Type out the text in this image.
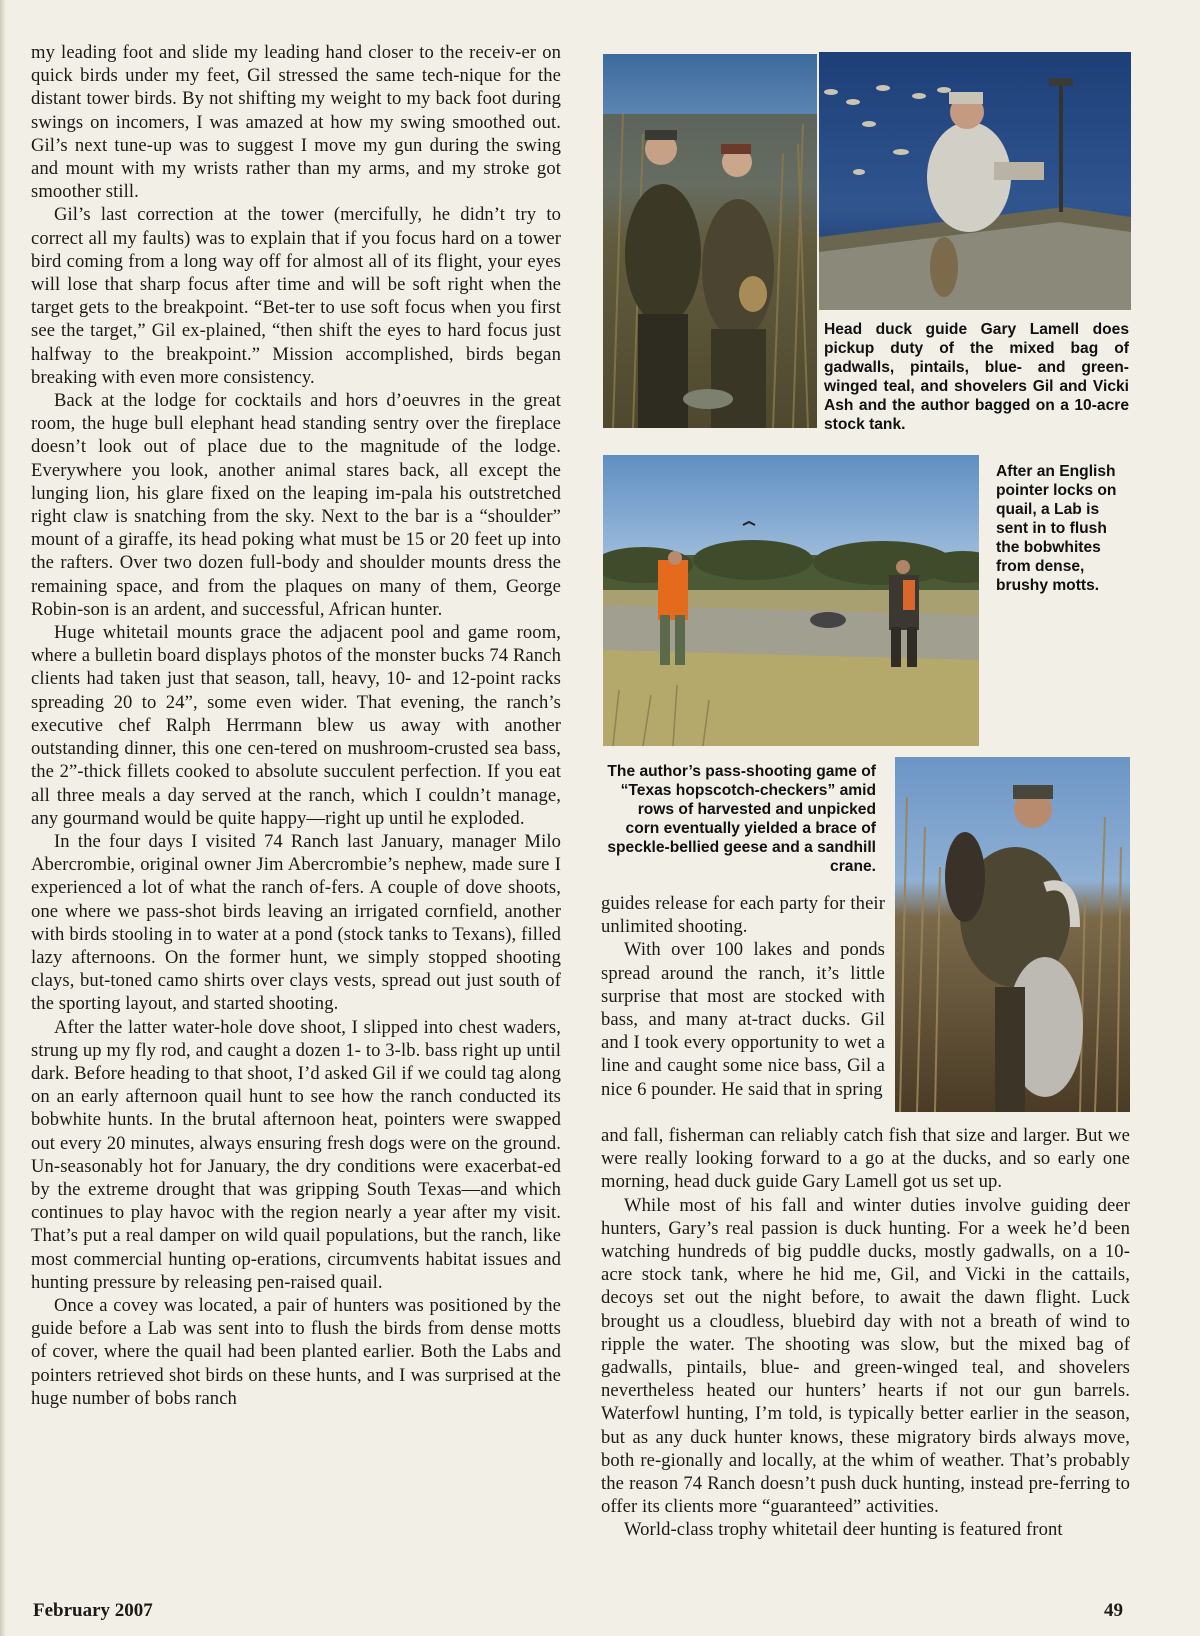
my leading foot and slide my leading hand closer to the receiv-er on quick birds under my feet, Gil stressed the same tech-nique for the distant tower birds. By not shifting my weight to my back foot during swings on incomers, I was amazed at how my swing smoothed out. Gil’s next tune-up was to suggest I move my gun during the swing and mount with my wrists rather than my arms, and my stroke got smoother still.

Gil’s last correction at the tower (mercifully, he didn’t try to correct all my faults) was to explain that if you focus hard on a tower bird coming from a long way off for almost all of its flight, your eyes will lose that sharp focus after time and will be soft right when the target gets to the breakpoint. “Bet-ter to use soft focus when you first see the target,” Gil ex-plained, “then shift the eyes to hard focus just halfway to the breakpoint.” Mission accomplished, birds began breaking with even more consistency.

Back at the lodge for cocktails and hors d’oeuvres in the great room, the huge bull elephant head standing sentry over the fireplace doesn’t look out of place due to the magnitude of the lodge. Everywhere you look, another animal stares back, all except the lunging lion, his glare fixed on the leaping im-pala his outstretched right claw is snatching from the sky. Next to the bar is a “shoulder” mount of a giraffe, its head poking what must be 15 or 20 feet up into the rafters. Over two dozen full-body and shoulder mounts dress the remaining space, and from the plaques on many of them, George Robin-son is an ardent, and successful, African hunter.

Huge whitetail mounts grace the adjacent pool and game room, where a bulletin board displays photos of the monster bucks 74 Ranch clients had taken just that season, tall, heavy, 10- and 12-point racks spreading 20 to 24”, some even wider. That evening, the ranch’s executive chef Ralph Herrmann blew us away with another outstanding dinner, this one cen-tered on mushroom-crusted sea bass, the 2”-thick fillets cooked to absolute succulent perfection. If you eat all three meals a day served at the ranch, which I couldn’t manage, any gourmand would be quite happy—right up until he exploded.

In the four days I visited 74 Ranch last January, manager Milo Abercrombie, original owner Jim Abercrombie’s nephew, made sure I experienced a lot of what the ranch of-fers. A couple of dove shoots, one where we pass-shot birds leaving an irrigated cornfield, another with birds stooling in to water at a pond (stock tanks to Texans), filled lazy afternoons. On the former hunt, we simply stopped shooting clays, but-toned camo shirts over clays vests, spread out just south of the sporting layout, and started shooting.

After the latter water-hole dove shoot, I slipped into chest waders, strung up my fly rod, and caught a dozen 1- to 3-lb. bass right up until dark. Before heading to that shoot, I’d asked Gil if we could tag along on an early afternoon quail hunt to see how the ranch conducted its bobwhite hunts. In the brutal afternoon heat, pointers were swapped out every 20 minutes, always ensuring fresh dogs were on the ground. Un-seasonably hot for January, the dry conditions were exacerbat-ed by the extreme drought that was gripping South Texas—and which continues to play havoc with the region nearly a year after my visit. That’s put a real damper on wild quail populations, but the ranch, like most commercial hunting op-erations, circumvents habitat issues and hunting pressure by releasing pen-raised quail.

Once a covey was located, a pair of hunters was positioned by the guide before a Lab was sent into to flush the birds from dense motts of cover, where the quail had been planted earlier. Both the Labs and pointers retrieved shot birds on these hunts, and I was surprised at the huge number of bobs ranch

Head duck guide Gary Lamell does pickup duty of the mixed bag of gadwalls, pintails, blue- and green-winged teal, and shovelers Gil and Vicki Ash and the author bagged on a 10-acre stock tank.
After an English pointer locks on quail, a Lab is sent in to flush the bobwhites from dense, brushy motts.
The author’s pass-shooting game of “Texas hopscotch-checkers” amid rows of harvested and unpicked corn eventually yielded a brace of speckle-bellied geese and a sandhill crane.

guides release for each party for their unlimited shooting.

With over 100 lakes and ponds spread around the ranch, it’s little surprise that most are stocked with bass, and many at-tract ducks. Gil and I took every opportunity to wet a line and caught some nice bass, Gil a nice 6 pounder. He said that in spring

and fall, fisherman can reliably catch fish that size and larger. But we were really looking forward to a go at the ducks, and so early one morning, head duck guide Gary Lamell got us set up.

While most of his fall and winter duties involve guiding deer hunters, Gary’s real passion is duck hunting. For a week he’d been watching hundreds of big puddle ducks, mostly gadwalls, on a 10-acre stock tank, where he hid me, Gil, and Vicki in the cattails, decoys set out the night before, to await the dawn flight. Luck brought us a cloudless, bluebird day with not a breath of wind to ripple the water. The shooting was slow, but the mixed bag of gadwalls, pintails, blue- and green-winged teal, and shovelers nevertheless heated our hunters’ hearts if not our gun barrels. Waterfowl hunting, I’m told, is typically better earlier in the season, but as any duck hunter knows, these migratory birds always move, both re-gionally and locally, at the whim of weather. That’s probably the reason 74 Ranch doesn’t push duck hunting, instead pre-ferring to offer its clients more “guaranteed” activities.

World-class trophy whitetail deer hunting is featured front

February 2007	49
